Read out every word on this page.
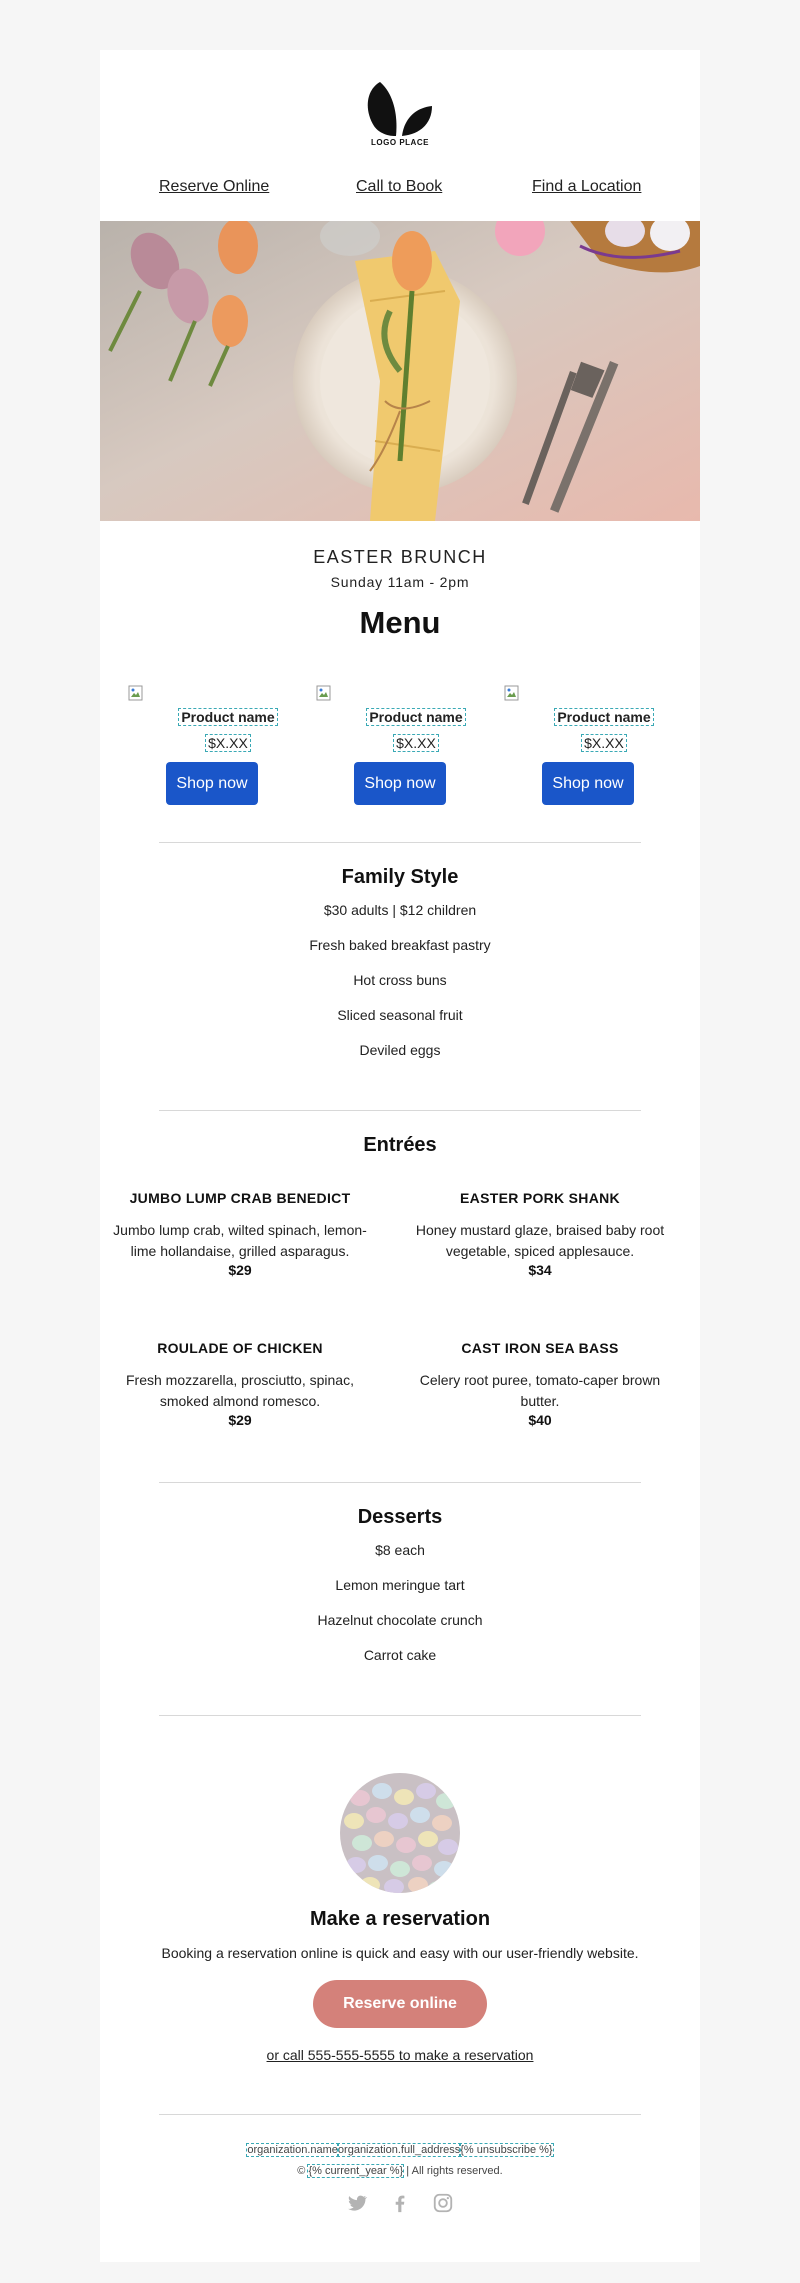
LOGO PLACE
Reserve Online	Call to Book	Find a Location
EASTER BRUNCH
Sunday 11am - 2pm
Menu
Product name
$X.XX
Shop now
Product name
$X.XX
Shop now
Product name
$X.XX
Shop now
Family Style
$30 adults | $12 children
Fresh baked breakfast pastry
Hot cross buns
Sliced seasonal fruit
Deviled eggs
Entrées
JUMBO LUMP CRAB BENEDICT
Jumbo lump crab, wilted spinach, lemon-lime hollandaise, grilled asparagus.
$29
EASTER PORK SHANK
Honey mustard glaze, braised baby root vegetable, spiced applesauce.
$34
ROULADE OF CHICKEN
Fresh mozzarella, prosciutto, spinac, smoked almond romesco.
$29
CAST IRON SEA BASS
Celery root puree, tomato-caper brown butter.
$40
Desserts
$8 each
Lemon meringue tart
Hazelnut chocolate crunch
Carrot cake
Make a reservation
Booking a reservation online is quick and easy with our user-friendly website.
Reserve online
or call 555-555-5555 to make a reservation
organization.nameorganization.full_address{% unsubscribe %}
© {% current_year %} | All rights reserved.
